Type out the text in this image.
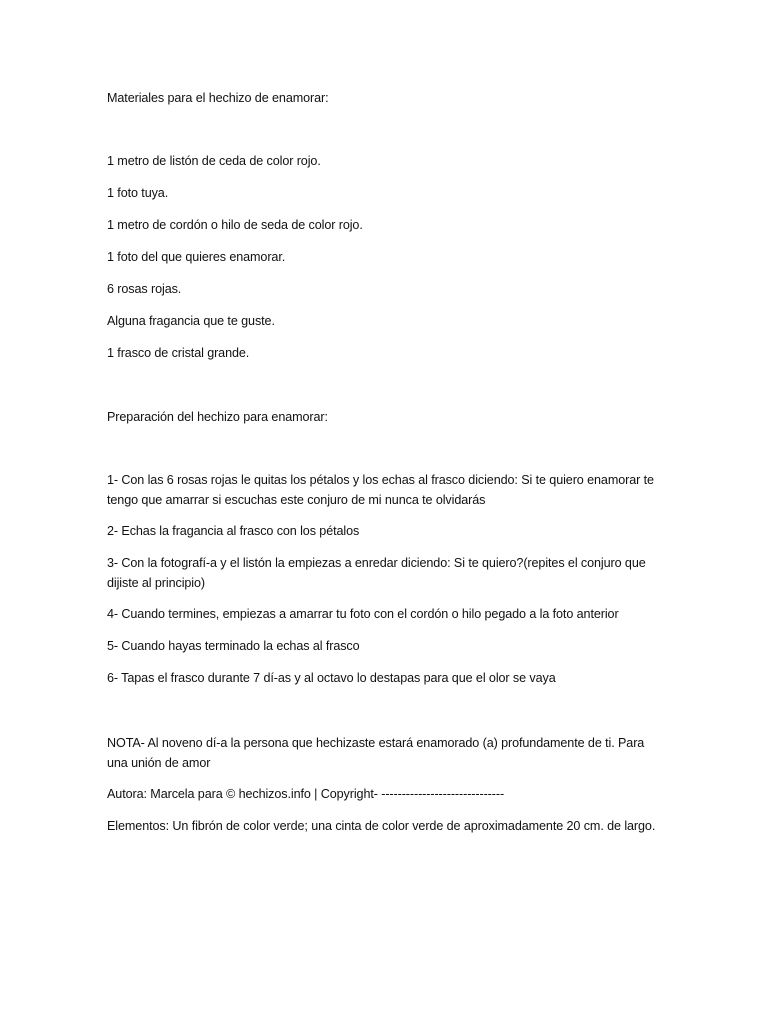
Materiales para el hechizo de enamorar:
1 metro de listón de ceda de color rojo.
1 foto tuya.
1 metro de cordón o hilo de seda de color rojo.
1 foto del que quieres enamorar.
6 rosas rojas.
Alguna fragancia que te guste.
1 frasco de cristal grande.
Preparación del hechizo para enamorar:
1- Con las 6 rosas rojas le quitas los pétalos y los echas al frasco diciendo: Si te quiero enamorar te tengo que amarrar si escuchas este conjuro de mi nunca te olvidarás
2- Echas la fragancia al frasco con los pétalos
3- Con la fotografí-a y el listón la empiezas a enredar diciendo: Si te quiero?(repites el conjuro que dijiste al principio)
4- Cuando termines, empiezas a amarrar tu foto con el cordón o hilo pegado a la foto anterior
5- Cuando hayas terminado la echas al frasco
6- Tapas el frasco durante 7 dí-as y al octavo lo destapas para que el olor se vaya
NOTA- Al noveno dí-a la persona que hechizaste estará enamorado (a) profundamente de ti. Para una unión de amor
Autora: Marcela para © hechizos.info | Copyright- ------------------------------
Elementos: Un fibrón de color verde; una cinta de color verde de aproximadamente 20 cm. de largo.
